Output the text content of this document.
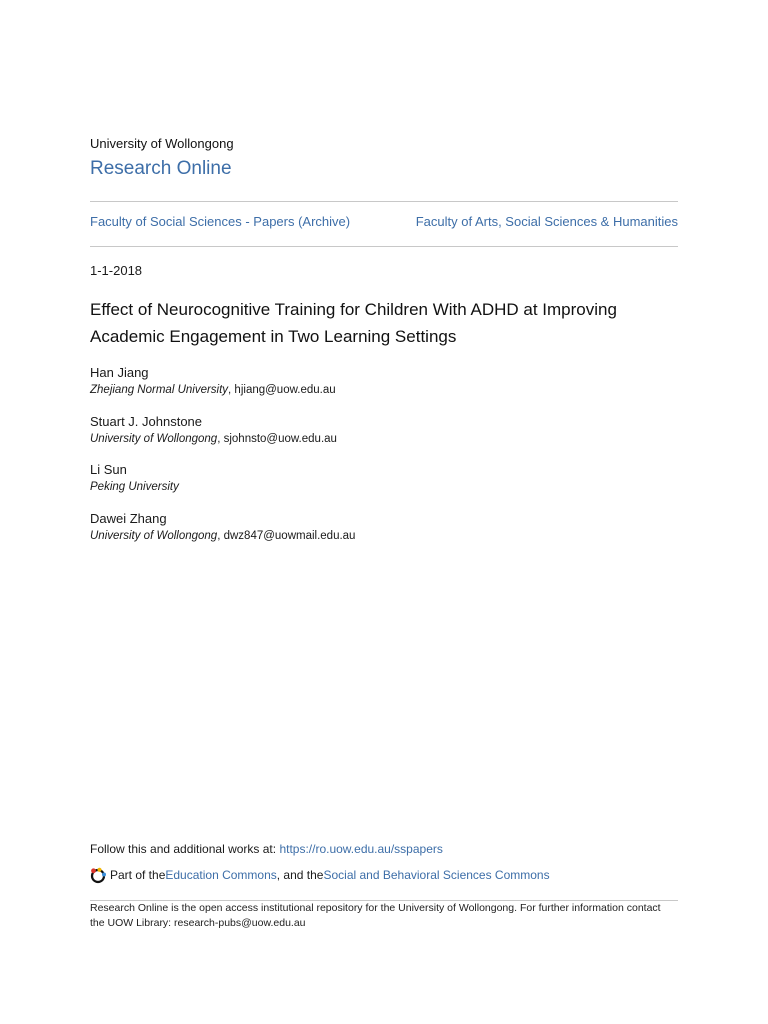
University of Wollongong
Research Online
Faculty of Social Sciences - Papers (Archive)	Faculty of Arts, Social Sciences & Humanities
1-1-2018
Effect of Neurocognitive Training for Children With ADHD at Improving Academic Engagement in Two Learning Settings
Han Jiang
Zhejiang Normal University, hjiang@uow.edu.au
Stuart J. Johnstone
University of Wollongong, sjohnsto@uow.edu.au
Li Sun
Peking University
Dawei Zhang
University of Wollongong, dwz847@uowmail.edu.au
Follow this and additional works at: https://ro.uow.edu.au/sspapers
Part of the Education Commons , and the Social and Behavioral Sciences Commons
Research Online is the open access institutional repository for the University of Wollongong. For further information contact the UOW Library: research-pubs@uow.edu.au
